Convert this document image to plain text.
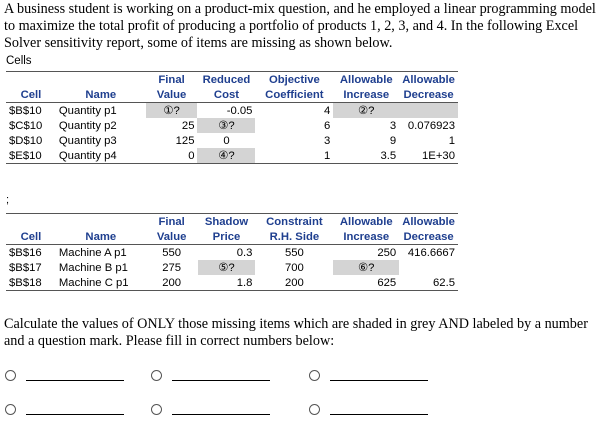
A business student is working on a product-mix question, and he employed a linear programming model to maximize the total profit of producing a portfolio of products 1, 2, 3, and 4. In the following Excel Solver sensitivity report, some of items are missing as shown below.
Cells
		Final	Reduced	Objective	Allowable	Allowable
Cell	Name	Value	Cost	Coefficient	Increase	Decrease
$B$10	Quantity p1	①?	-0.05	4	②?	
$C$10	Quantity p2	25	③?	6	3	0.076923
$D$10	Quantity p3	125	0	3	9	1
$E$10	Quantity p4	0	④?	1	3.5	1E+30
;
		Final	Shadow	Constraint	Allowable	Allowable
Cell	Name	Value	Price	R.H. Side	Increase	Decrease
$B$16	Machine A p1	550	0.3	550	250	416.6667
$B$17	Machine B p1	275	⑤?	700	⑥?	
$B$18	Machine C p1	200	1.8	200	625	62.5
Calculate the values of ONLY those missing items which are shaded in grey AND labeled by a number and a question mark. Please fill in correct numbers below:
